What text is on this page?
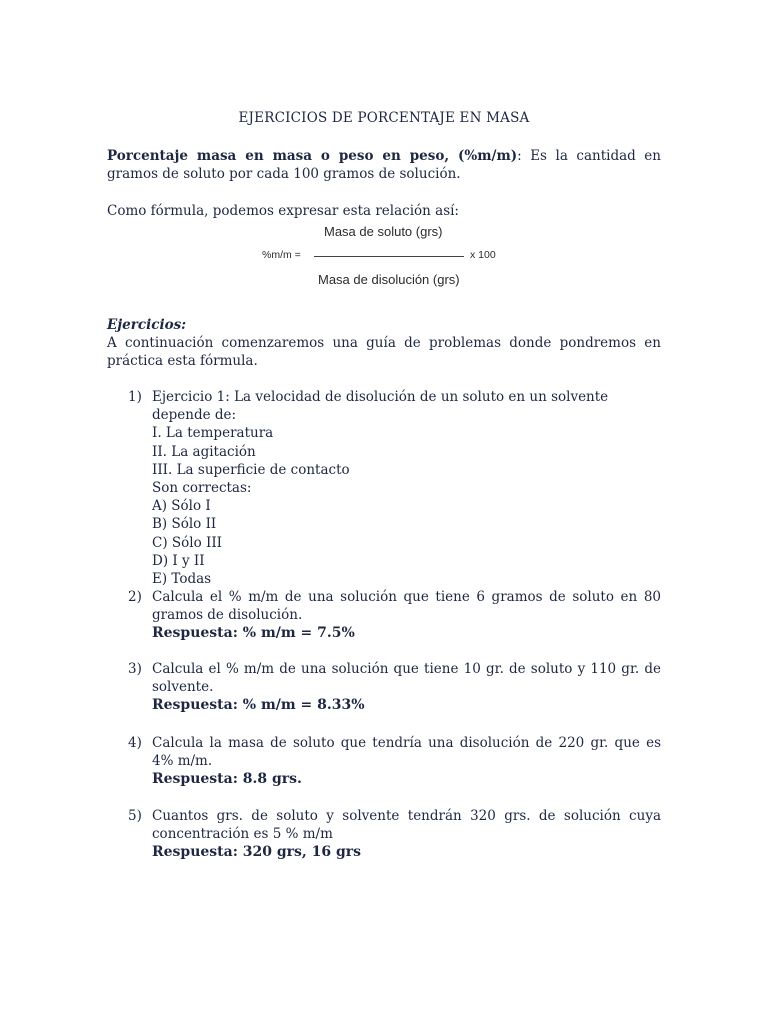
EJERCICIOS DE PORCENTAJE EN MASA
Porcentaje masa en masa o peso en peso, (%m/m): Es la cantidad en gramos de soluto por cada 100 gramos de solución.
Como fórmula, podemos expresar esta relación así:
Masa de soluto (grs)
%m/m =	x 100
Masa de disolución (grs)
Ejercicios:
A continuación comenzaremos una guía de problemas donde pondremos en práctica esta fórmula.
1) Ejercicio 1: La velocidad de disolución de un soluto en un solvente depende de:
I. La temperatura
II. La agitación
III. La superficie de contacto
Son correctas:
A) Sólo I
B) Sólo II
C) Sólo III
D) I y II
E) Todas
2) Calcula el % m/m de una solución que tiene 6 gramos de soluto en 80 gramos de disolución.
Respuesta: % m/m = 7.5%
3) Calcula el % m/m de una solución que tiene 10 gr. de soluto y 110 gr. de solvente.
Respuesta: % m/m = 8.33%
4) Calcula la masa de soluto que tendría una disolución de 220 gr. que es 4% m/m.
Respuesta: 8.8 grs.
5) Cuantos grs. de soluto y solvente tendrán 320 grs. de solución cuya concentración es 5 % m/m
Respuesta: 320 grs, 16 grs
